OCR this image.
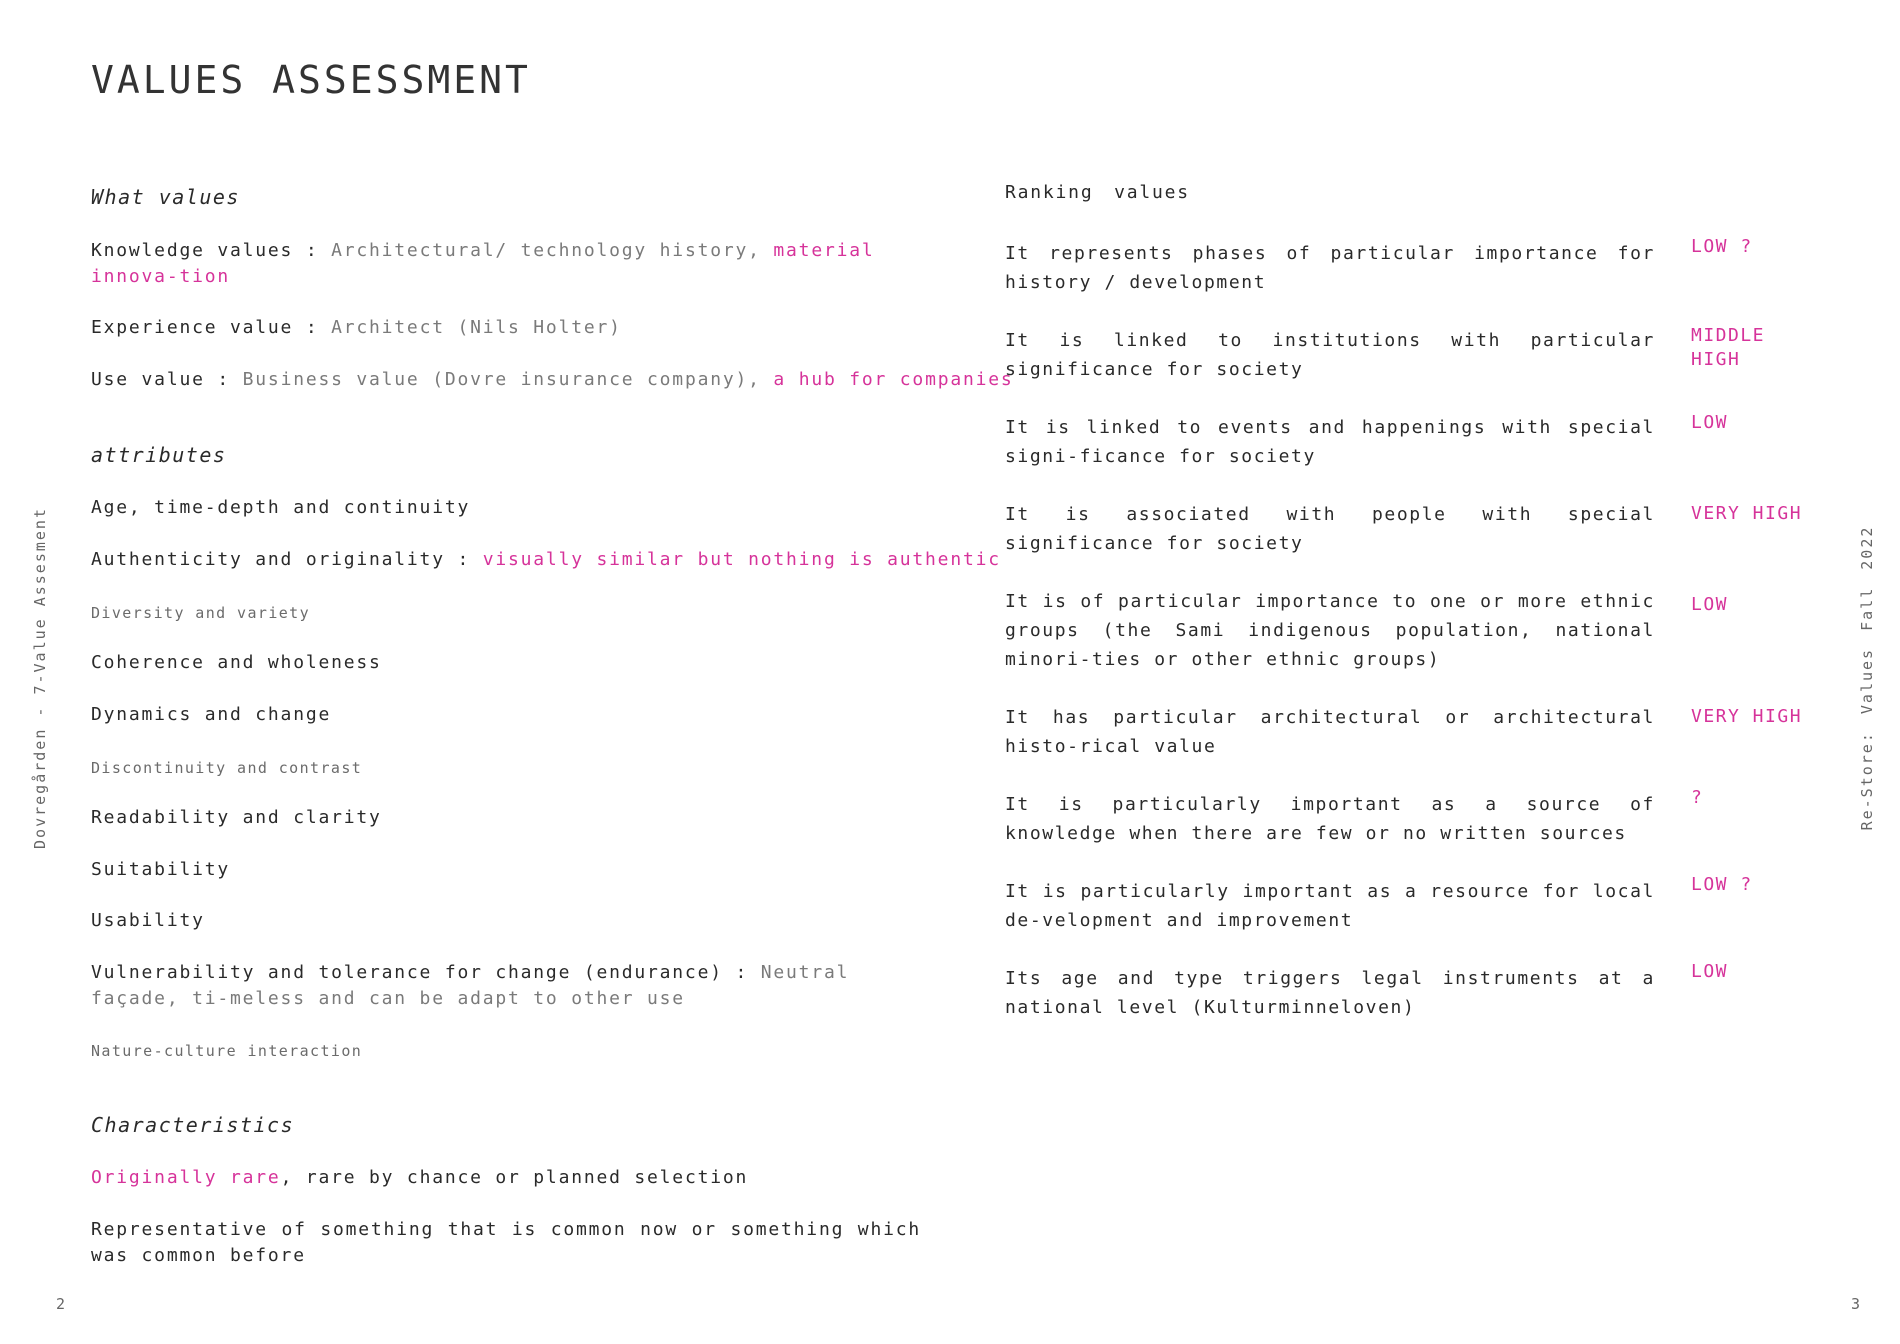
VALUES ASSESSMENT
Dovregården - 7-Value Assesment	Re-Store: Values Fall 2022
2	3
What values
Knowledge values : Architectural/ technology history, material innova-tion
Experience value : Architect (Nils Holter)
Use value : Business value (Dovre insurance company), a hub for companies
attributes
Age, time-depth and continuity
Authenticity and originality : visually similar but nothing is authentic
Diversity and variety
Coherence and wholeness
Dynamics and change
Discontinuity and contrast
Readability and clarity
Suitability
Usability
Vulnerability and tolerance for change (endurance) : Neutral façade, ti-meless and can be adapt to other use
Nature-culture interaction
Characteristics
Originally rare, rare by chance or planned selection
Representative of something that is common now or something which was common before
Ranking values
It represents phases of particular importance for history / development
LOW ?
It is linked to institutions with particular significance for society
MIDDLE HIGH
It is linked to events and happenings with special signi-ficance for society
LOW
It is associated with people with special significance for society
VERY HIGH
It is of particular importance to one or more ethnic groups (the Sami indigenous population, national minori-ties or other ethnic groups)
LOW
It has particular architectural or architectural histo-rical value
VERY HIGH
It is particularly important as a source of knowledge when there are few or no written sources
?
It is particularly important as a resource for local de-velopment and improvement
LOW ?
Its age and type triggers legal instruments at a national level (Kulturminneloven)
LOW
